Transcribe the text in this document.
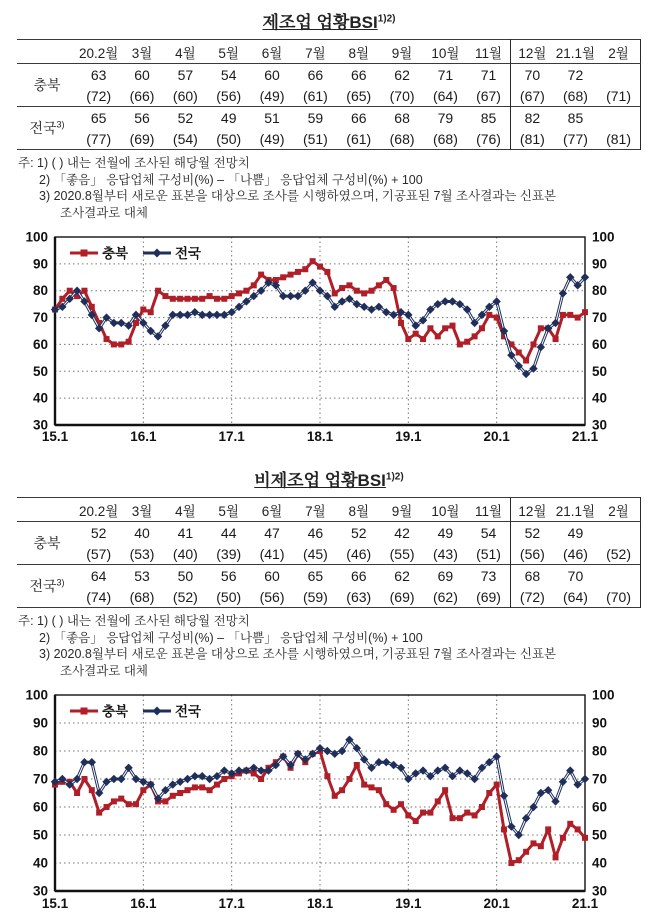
제조업 업황$BSI^{1)2)}$
	20.2월	3월	4월	5월	6월	7월	8월	9월	10월	11월	12월	21.1월	2월
충북	63	60	57	54	60	66	66	62	71	71	70	72	
	(72)	(66)	(60)	(56)	(49)	(61)	(65)	(70)	(64)	(67)	(67)	(68)	(71)
전국$^{3)}$	65	56	52	49	51	59	66	68	79	85	82	85	
	(77)	(69)	(54)	(50)	(49)	(51)	(61)	(68)	(68)	(76)	(81)	(77)	(81)
주: 1) ( ) 내는 전월에 조사된 해당월 전망치
2) 「좋음」 응답업체 구성비(%) – 「나쁨」 응답업체 구성비(%) + 100
3) 2020.8월부터 새로운 표본을 대상으로 조사를 시행하였으며, 기공표된 7월 조사결과는 신표본
조사결과로 대체
30	30
40	40
50	50
60	60
70	70
80	80
90	90
100	100
15.1	16.1	17.1	18.1	19.1	20.1	21.1
충북	전국
비제조업 업황$BSI^{1)2)}$
	20.2월	3월	4월	5월	6월	7월	8월	9월	10월	11월	12월	21.1월	2월
충북	52	40	41	44	47	46	52	42	49	54	52	49	
	(57)	(53)	(40)	(39)	(41)	(45)	(46)	(55)	(43)	(51)	(56)	(46)	(52)
전국$^{3)}$	64	53	50	56	60	65	66	62	69	73	68	70	
	(74)	(68)	(52)	(50)	(56)	(59)	(63)	(69)	(62)	(69)	(72)	(64)	(70)
주: 1) ( ) 내는 전월에 조사된 해당월 전망치
2) 「좋음」 응답업체 구성비(%) – 「나쁨」 응답업체 구성비(%) + 100
3) 2020.8월부터 새로운 표본을 대상으로 조사를 시행하였으며, 기공표된 7월 조사결과는 신표본
조사결과로 대체
30	30
40	40
50	50
60	60
70	70
80	80
90	90
100	100
15.1	16.1	17.1	18.1	19.1	20.1	21.1
충북	전국
